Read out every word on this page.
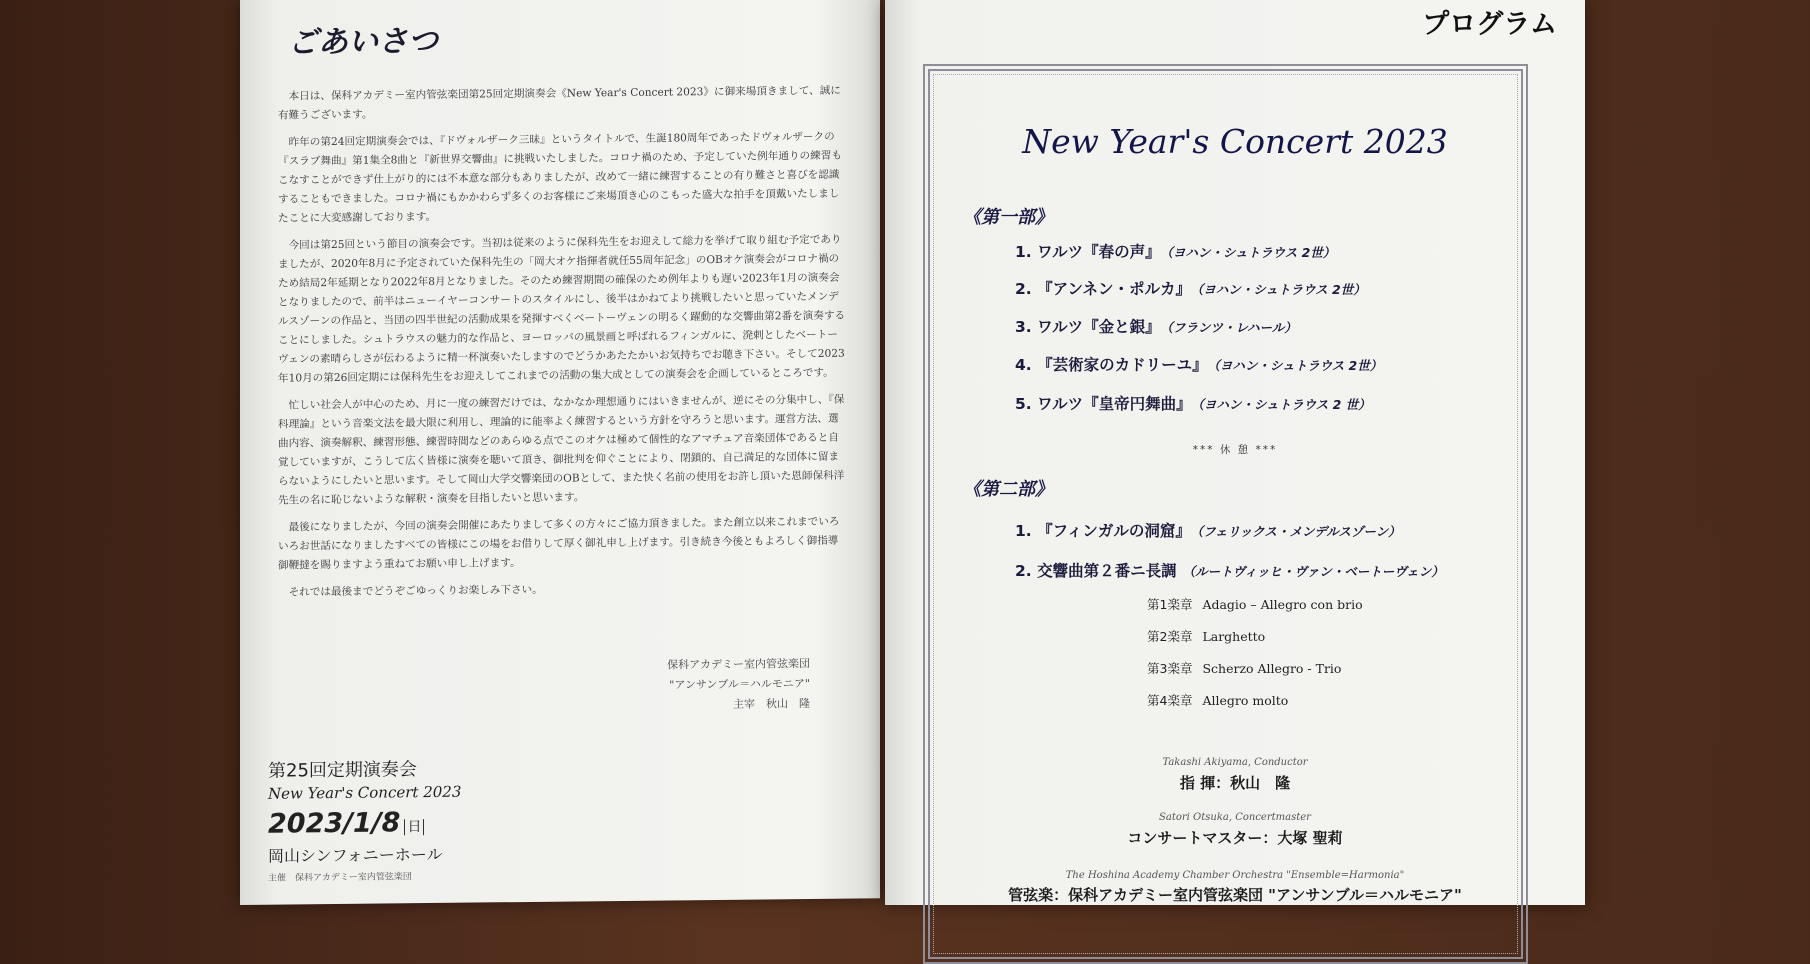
ごあいさつ

本日は、保科アカデミー室内管弦楽団第25回定期演奏会《New Year's Concert 2023》に御来場頂きまして、誠に有難うございます。

昨年の第24回定期演奏会では、『ドヴォルザーク三昧』というタイトルで、生誕180周年であったドヴォルザークの『スラブ舞曲』第1集全8曲と『新世界交響曲』に挑戦いたしました。コロナ禍のため、予定していた例年通りの練習もこなすことができず仕上がり的には不本意な部分もありましたが、改めて一緒に練習することの有り難さと喜びを認識することもできました。コロナ禍にもかかわらず多くのお客様にご来場頂き心のこもった盛大な拍手を頂戴いたしましたことに大変感謝しております。

今回は第25回という節目の演奏会です。当初は従来のように保科先生をお迎えして総力を挙げて取り組む予定でありましたが、2020年8月に予定されていた保科先生の「岡大オケ指揮者就任55周年記念」のOBオケ演奏会がコロナ禍のため結局2年延期となり2022年8月となりました。そのため練習期間の確保のため例年よりも遅い2023年1月の演奏会となりましたので、前半はニューイヤーコンサートのスタイルにし、後半はかねてより挑戦したいと思っていたメンデルスゾーンの作品と、当団の四半世紀の活動成果を発揮すべくベートーヴェンの明るく躍動的な交響曲第2番を演奏することにしました。シュトラウスの魅力的な作品と、ヨーロッパの風景画と呼ばれるフィンガルに、溌剌としたベートーヴェンの素晴らしさが伝わるように精一杯演奏いたしますのでどうかあたたかいお気持ちでお聴き下さい。そして2023年10月の第26回定期には保科先生をお迎えしてこれまでの活動の集大成としての演奏会を企画しているところです。

忙しい社会人が中心のため、月に一度の練習だけでは、なかなか理想通りにはいきませんが、逆にその分集中し、『保科理論』という音楽文法を最大限に利用し、理論的に能率よく練習するという方針を守ろうと思います。運営方法、選曲内容、演奏解釈、練習形態、練習時間などのあらゆる点でこのオケは極めて個性的なアマチュア音楽団体であると自覚していますが、こうして広く皆様に演奏を聴いて頂き、御批判を仰ぐことにより、閉鎖的、自己満足的な団体に留まらないようにしたいと思います。そして岡山大学交響楽団のOBとして、また快く名前の使用をお許し頂いた恩師保科洋先生の名に恥じないような解釈・演奏を目指したいと思います。

最後になりましたが、今回の演奏会開催にあたりまして多くの方々にご協力頂きました。また創立以来これまでいろいろお世話になりましたすべての皆様にこの場をお借りして厚く御礼申し上げます。引き続き今後ともよろしく御指導御鞭撻を賜りますよう重ねてお願い申し上げます。

それでは最後までどうぞごゆっくりお楽しみ下さい。

保科アカデミー室内管弦楽団
"アンサンブル＝ハルモニア"
主宰　秋山　隆
第25回定期演奏会
New Year's Concert 2023
2023/1/8 日
岡山シンフォニーホール
主催　保科アカデミー室内管弦楽団
プログラム
New Year's Concert 2023
《第一部》
1. ワルツ『春の声』 （ヨハン・シュトラウス 2世）
2. 『アンネン・ポルカ』 （ヨハン・シュトラウス 2世）
3. ワルツ『金と銀』 （フランツ・レハール）
4. 『芸術家のカドリーユ』 （ヨハン・シュトラウス 2世）
5. ワルツ『皇帝円舞曲』 （ヨハン・シュトラウス 2 世）
*** 休 憩 ***
《第二部》
1. 『フィンガルの洞窟』 （フェリックス・メンデルスゾーン）
2. 交響曲第２番ニ長調 （ルートヴィッヒ・ヴァン・ベートーヴェン）
第1楽章 Adagio – Allegro con brio
第2楽章 Larghetto
第3楽章 Scherzo Allegro - Trio
第4楽章 Allegro molto
Takashi Akiyama, Conductor
指 揮：秋山　隆
Satori Otsuka, Concertmaster
コンサートマスター：大塚 聖莉
The Hoshina Academy Chamber Orchestra "Ensemble=Harmonia"
管弦楽：保科アカデミー室内管弦楽団 "アンサンブル＝ハルモニア"
